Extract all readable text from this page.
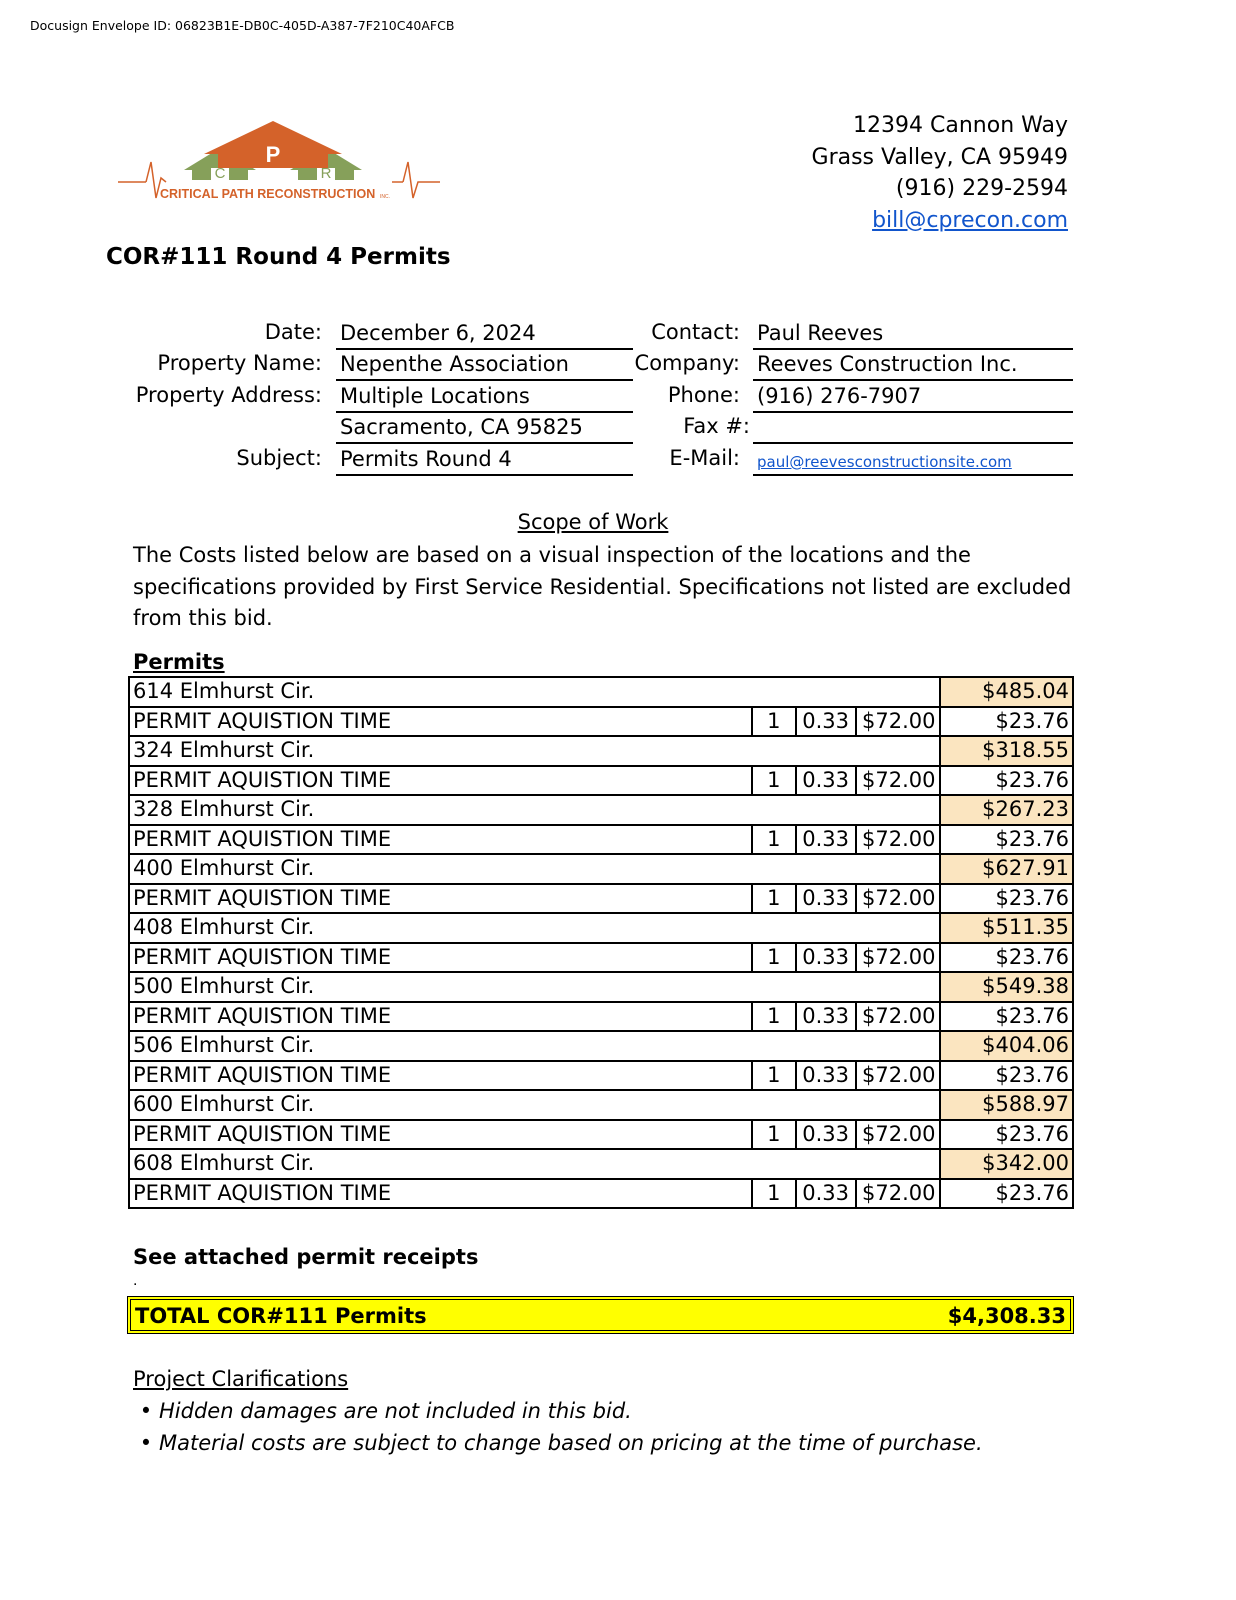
Docusign Envelope ID: 06823B1E-DB0C-405D-A387-7F210C40AFCB
P
C	R
CRITICAL PATH RECONSTRUCTION INC.
12394 Cannon Way
Grass Valley, CA 95949
(916) 229-2594
bill@cprecon.com
COR#111 Round 4 Permits
Date: December 6, 2024
Property Name: Nepenthe Association
Property Address: Multiple Locations
Sacramento, CA 95825
Subject: Permits Round 4
Contact: Paul Reeves
Company: Reeves Construction Inc.
Phone: (916) 276-7907
Fax #:
E-Mail: paul@reevesconstructionsite.com
Scope of Work
The Costs listed below are based on a visual inspection of the locations and the specifications provided by First Service Residential. Specifications not listed are excluded from this bid.
Permits
614 Elmhurst Cir.				$485.04
PERMIT AQUISTION TIME	1	0.33	$72.00	$23.76
324 Elmhurst Cir.				$318.55
PERMIT AQUISTION TIME	1	0.33	$72.00	$23.76
328 Elmhurst Cir.				$267.23
PERMIT AQUISTION TIME	1	0.33	$72.00	$23.76
400 Elmhurst Cir.				$627.91
PERMIT AQUISTION TIME	1	0.33	$72.00	$23.76
408 Elmhurst Cir.				$511.35
PERMIT AQUISTION TIME	1	0.33	$72.00	$23.76
500 Elmhurst Cir.				$549.38
PERMIT AQUISTION TIME	1	0.33	$72.00	$23.76
506 Elmhurst Cir.				$404.06
PERMIT AQUISTION TIME	1	0.33	$72.00	$23.76
600 Elmhurst Cir.				$588.97
PERMIT AQUISTION TIME	1	0.33	$72.00	$23.76
608 Elmhurst Cir.				$342.00
PERMIT AQUISTION TIME	1	0.33	$72.00	$23.76
See attached permit receipts
.
TOTAL COR#111 Permits	$4,308.33
Project Clarifications
• Hidden damages are not included in this bid.
• Material costs are subject to change based on pricing at the time of purchase.
